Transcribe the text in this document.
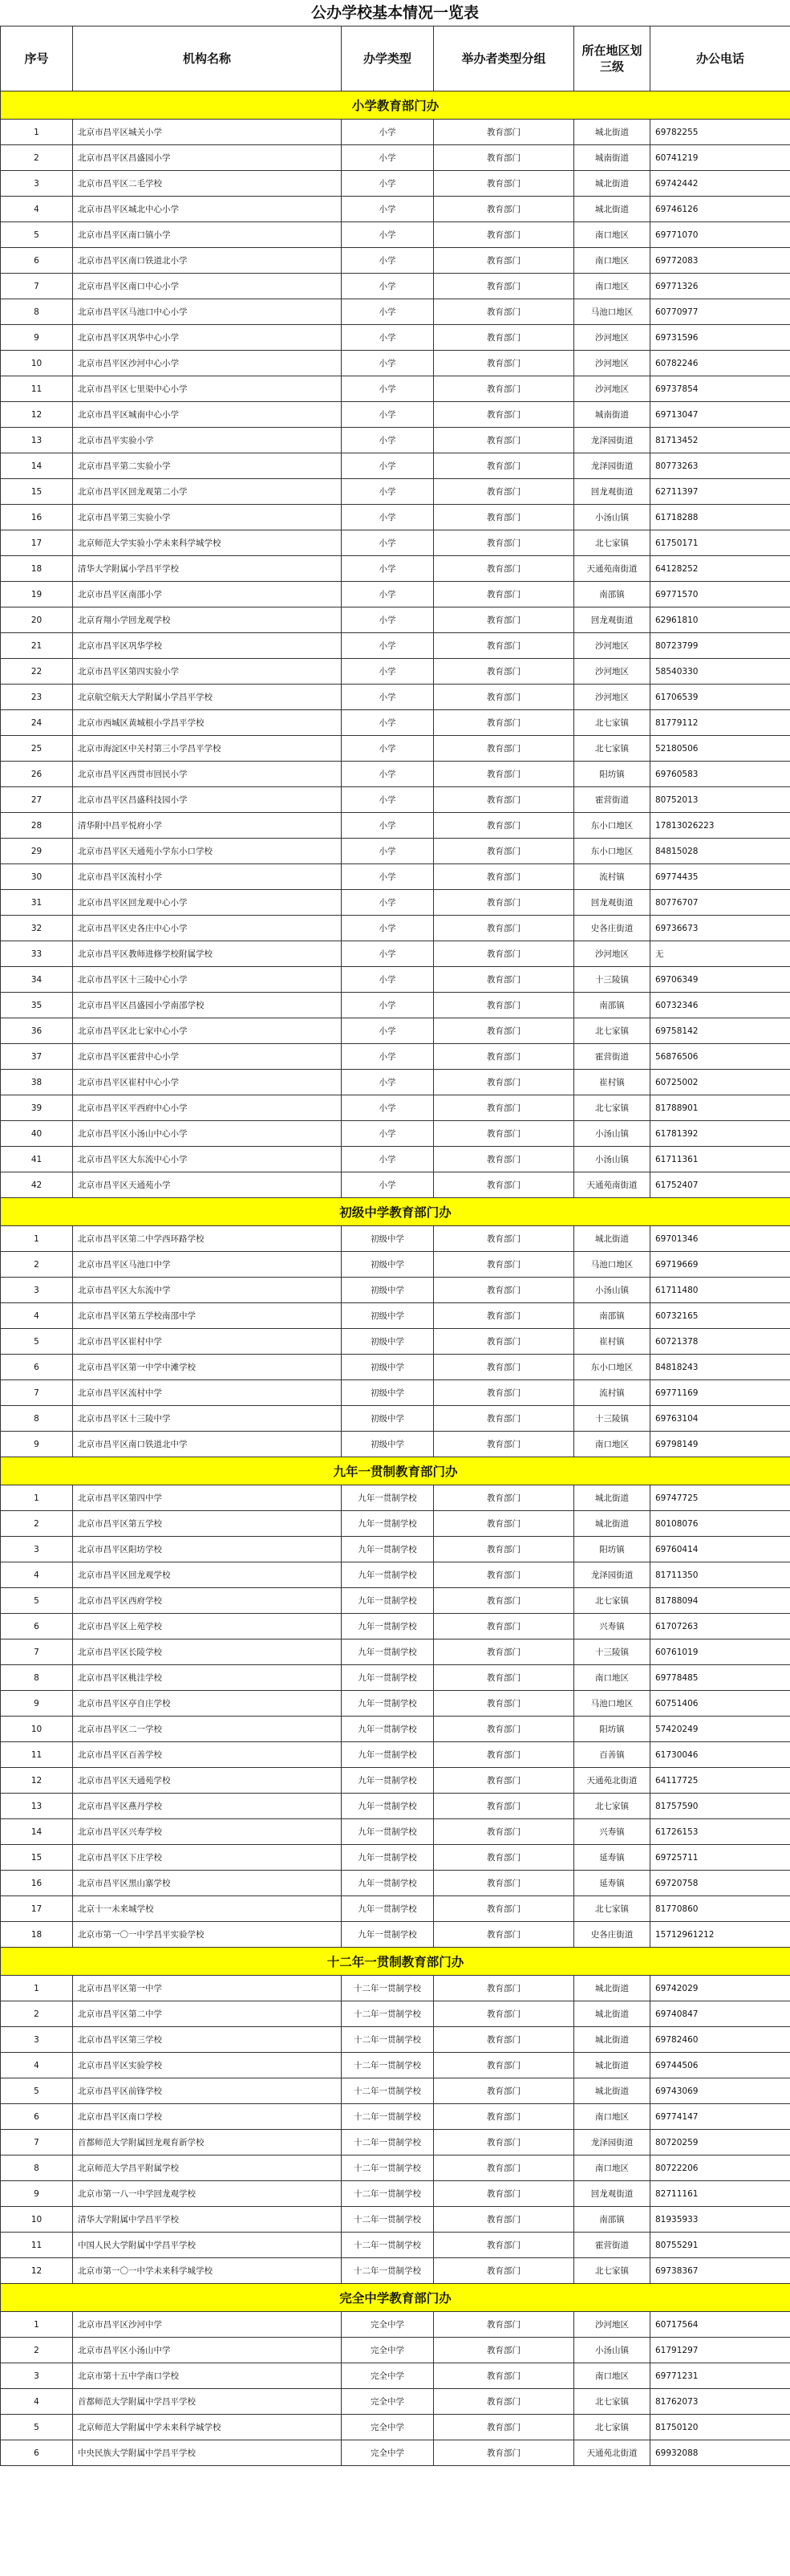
公办学校基本情况一览表
序号	机构名称	办学类型	举办者类型分组	所在地区划三级	办公电话
小学教育部门办					
1	北京市昌平区城关小学	小学	教育部门	城北街道	69782255
2	北京市昌平区昌盛园小学	小学	教育部门	城南街道	60741219
3	北京市昌平区二毛学校	小学	教育部门	城北街道	69742442
4	北京市昌平区城北中心小学	小学	教育部门	城北街道	69746126
5	北京市昌平区南口镇小学	小学	教育部门	南口地区	69771070
6	北京市昌平区南口铁道北小学	小学	教育部门	南口地区	69772083
7	北京市昌平区南口中心小学	小学	教育部门	南口地区	69771326
8	北京市昌平区马池口中心小学	小学	教育部门	马池口地区	60770977
9	北京市昌平区巩华中心小学	小学	教育部门	沙河地区	69731596
10	北京市昌平区沙河中心小学	小学	教育部门	沙河地区	60782246
11	北京市昌平区七里渠中心小学	小学	教育部门	沙河地区	69737854
12	北京市昌平区城南中心小学	小学	教育部门	城南街道	69713047
13	北京市昌平实验小学	小学	教育部门	龙泽园街道	81713452
14	北京市昌平第二实验小学	小学	教育部门	龙泽园街道	80773263
15	北京市昌平区回龙观第二小学	小学	教育部门	回龙观街道	62711397
16	北京市昌平第三实验小学	小学	教育部门	小汤山镇	61718288
17	北京师范大学实验小学未来科学城学校	小学	教育部门	北七家镇	61750171
18	清华大学附属小学昌平学校	小学	教育部门	天通苑南街道	64128252
19	北京市昌平区南邵小学	小学	教育部门	南邵镇	69771570
20	北京育翔小学回龙观学校	小学	教育部门	回龙观街道	62961810
21	北京市昌平区巩华学校	小学	教育部门	沙河地区	80723799
22	北京市昌平区第四实验小学	小学	教育部门	沙河地区	58540330
23	北京航空航天大学附属小学昌平学校	小学	教育部门	沙河地区	61706539
24	北京市西城区黄城根小学昌平学校	小学	教育部门	北七家镇	81779112
25	北京市海淀区中关村第三小学昌平学校	小学	教育部门	北七家镇	52180506
26	北京市昌平区西贯市回民小学	小学	教育部门	阳坊镇	69760583
27	北京市昌平区昌盛科技园小学	小学	教育部门	霍营街道	80752013
28	清华附中昌平悦府小学	小学	教育部门	东小口地区	17813026223
29	北京市昌平区天通苑小学东小口学校	小学	教育部门	东小口地区	84815028
30	北京市昌平区流村小学	小学	教育部门	流村镇	69774435
31	北京市昌平区回龙观中心小学	小学	教育部门	回龙观街道	80776707
32	北京市昌平区史各庄中心小学	小学	教育部门	史各庄街道	69736673
33	北京市昌平区教师进修学校附属学校	小学	教育部门	沙河地区	无
34	北京市昌平区十三陵中心小学	小学	教育部门	十三陵镇	69706349
35	北京市昌平区昌盛园小学南邵学校	小学	教育部门	南邵镇	60732346
36	北京市昌平区北七家中心小学	小学	教育部门	北七家镇	69758142
37	北京市昌平区霍营中心小学	小学	教育部门	霍营街道	56876506
38	北京市昌平区崔村中心小学	小学	教育部门	崔村镇	60725002
39	北京市昌平区平西府中心小学	小学	教育部门	北七家镇	81788901
40	北京市昌平区小汤山中心小学	小学	教育部门	小汤山镇	61781392
41	北京市昌平区大东流中心小学	小学	教育部门	小汤山镇	61711361
42	北京市昌平区天通苑小学	小学	教育部门	天通苑南街道	61752407
初级中学教育部门办					
1	北京市昌平区第二中学西环路学校	初级中学	教育部门	城北街道	69701346
2	北京市昌平区马池口中学	初级中学	教育部门	马池口地区	69719669
3	北京市昌平区大东流中学	初级中学	教育部门	小汤山镇	61711480
4	北京市昌平区第五学校南邵中学	初级中学	教育部门	南邵镇	60732165
5	北京市昌平区崔村中学	初级中学	教育部门	崔村镇	60721378
6	北京市昌平区第一中学中滩学校	初级中学	教育部门	东小口地区	84818243
7	北京市昌平区流村中学	初级中学	教育部门	流村镇	69771169
8	北京市昌平区十三陵中学	初级中学	教育部门	十三陵镇	69763104
9	北京市昌平区南口铁道北中学	初级中学	教育部门	南口地区	69798149
九年一贯制教育部门办					
1	北京市昌平区第四中学	九年一贯制学校	教育部门	城北街道	69747725
2	北京市昌平区第五学校	九年一贯制学校	教育部门	城北街道	80108076
3	北京市昌平区阳坊学校	九年一贯制学校	教育部门	阳坊镇	69760414
4	北京市昌平区回龙观学校	九年一贯制学校	教育部门	龙泽园街道	81711350
5	北京市昌平区西府学校	九年一贯制学校	教育部门	北七家镇	81788094
6	北京市昌平区上苑学校	九年一贯制学校	教育部门	兴寿镇	61707263
7	北京市昌平区长陵学校	九年一贯制学校	教育部门	十三陵镇	60761019
8	北京市昌平区桃洼学校	九年一贯制学校	教育部门	南口地区	69778485
9	北京市昌平区亭自庄学校	九年一贯制学校	教育部门	马池口地区	60751406
10	北京市昌平区二一学校	九年一贯制学校	教育部门	阳坊镇	57420249
11	北京市昌平区百善学校	九年一贯制学校	教育部门	百善镇	61730046
12	北京市昌平区天通苑学校	九年一贯制学校	教育部门	天通苑北街道	64117725
13	北京市昌平区燕丹学校	九年一贯制学校	教育部门	北七家镇	81757590
14	北京市昌平区兴寿学校	九年一贯制学校	教育部门	兴寿镇	61726153
15	北京市昌平区下庄学校	九年一贯制学校	教育部门	延寿镇	69725711
16	北京市昌平区黑山寨学校	九年一贯制学校	教育部门	延寿镇	69720758
17	北京十一未来城学校	九年一贯制学校	教育部门	北七家镇	81770860
18	北京市第一〇一中学昌平实验学校	九年一贯制学校	教育部门	史各庄街道	15712961212
十二年一贯制教育部门办					
1	北京市昌平区第一中学	十二年一贯制学校	教育部门	城北街道	69742029
2	北京市昌平区第二中学	十二年一贯制学校	教育部门	城北街道	69740847
3	北京市昌平区第三学校	十二年一贯制学校	教育部门	城北街道	69782460
4	北京市昌平区实验学校	十二年一贯制学校	教育部门	城北街道	69744506
5	北京市昌平区前锋学校	十二年一贯制学校	教育部门	城北街道	69743069
6	北京市昌平区南口学校	十二年一贯制学校	教育部门	南口地区	69774147
7	首都师范大学附属回龙观育新学校	十二年一贯制学校	教育部门	龙泽园街道	80720259
8	北京师范大学昌平附属学校	十二年一贯制学校	教育部门	南口地区	80722206
9	北京市第一八一中学回龙观学校	十二年一贯制学校	教育部门	回龙观街道	82711161
10	清华大学附属中学昌平学校	十二年一贯制学校	教育部门	南邵镇	81935933
11	中国人民大学附属中学昌平学校	十二年一贯制学校	教育部门	霍营街道	80755291
12	北京市第一〇一中学未来科学城学校	十二年一贯制学校	教育部门	北七家镇	69738367
完全中学教育部门办					
1	北京市昌平区沙河中学	完全中学	教育部门	沙河地区	60717564
2	北京市昌平区小汤山中学	完全中学	教育部门	小汤山镇	61791297
3	北京市第十五中学南口学校	完全中学	教育部门	南口地区	69771231
4	首都师范大学附属中学昌平学校	完全中学	教育部门	北七家镇	81762073
5	北京师范大学附属中学未来科学城学校	完全中学	教育部门	北七家镇	81750120
6	中央民族大学附属中学昌平学校	完全中学	教育部门	天通苑北街道	69932088
